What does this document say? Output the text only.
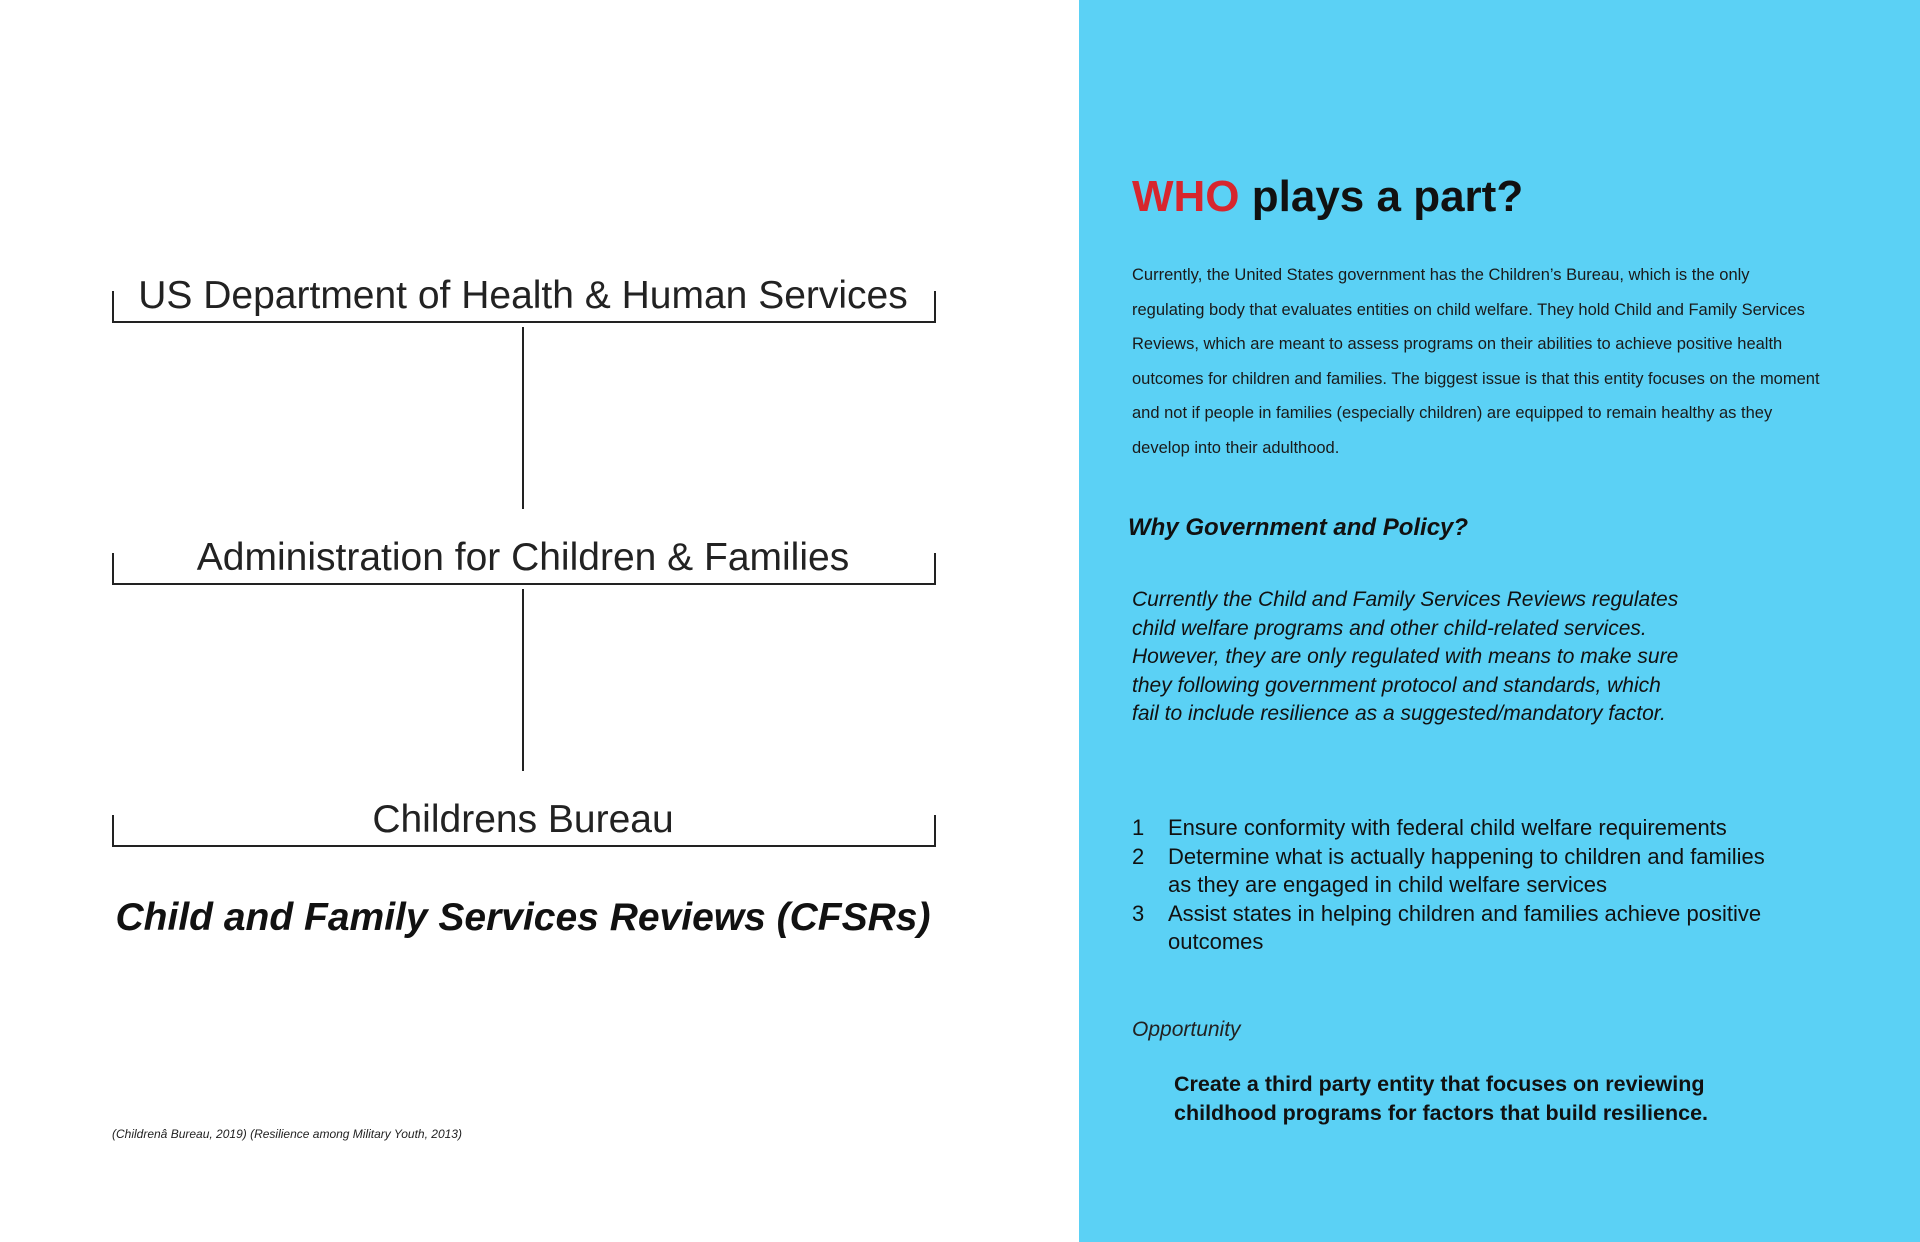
US Department of Health & Human Services
Administration for Children & Families
Childrens Bureau
Child and Family Services Reviews (CFSRs)
(Childrenâ Bureau, 2019) (Resilience among Military Youth, 2013)
WHO plays a part?
Currently, the United States government has the Children’s Bureau, which is the only regulating body that evaluates entities on child welfare. They hold Child and Family Services Reviews, which are meant to assess programs on their abilities to achieve positive health outcomes for children and families. The biggest issue is that this entity focuses on the moment and not if people in families (especially children) are equipped to remain healthy as they develop into their adulthood.
Why Government and Policy?
Currently the Child and Family Services Reviews regulates child welfare programs and other child-related services. However, they are only regulated with means to make sure they following government protocol and standards, which fail to include resilience as a suggested/mandatory factor.
1 Ensure conformity with federal child welfare requirements
2 Determine what is actually happening to children and families as they are engaged in child welfare services
3 Assist states in helping children and families achieve positive outcomes
Opportunity
Create a third party entity that focuses on reviewing childhood programs for factors that build resilience.
